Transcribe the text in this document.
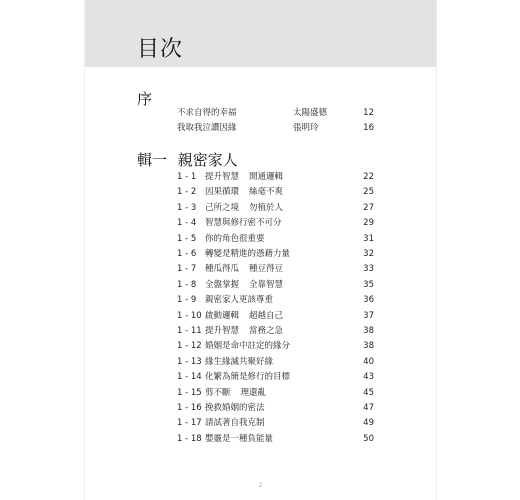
目次
序
不求自得的幸福	太陽盛德	12
我取我泣讚因緣	張明玲	16
輯一 親密家人
1 - 1 提升智慧 開通邏輯	22
1 - 2 因果循環 絲毫不爽	25
1 - 3 己所之境 勿植於人	27
1 - 4 智慧與修行密不可分	29
1 - 5 你的角色很重要	31
1 - 6 轉變是精進的憑藉力量	32
1 - 7 種瓜得瓜 種豆得豆	33
1 - 8 全盤掌握 全靠智慧	35
1 - 9 親密家人更該尊重	36
1 - 10 啟動邏輯 超越自己	37
1 - 11 提升智慧 當務之急	38
1 - 12 婚姻是命中註定的緣分	38
1 - 13 緣生緣滅共聚好緣	40
1 - 14 化繁為簡是修行的目標	43
1 - 15 剪不斷 理還亂	45
1 - 16 挽救婚姻的密法	47
1 - 17 請試著自我克制	49
1 - 18 嬰靈是一種負能量	50
2
